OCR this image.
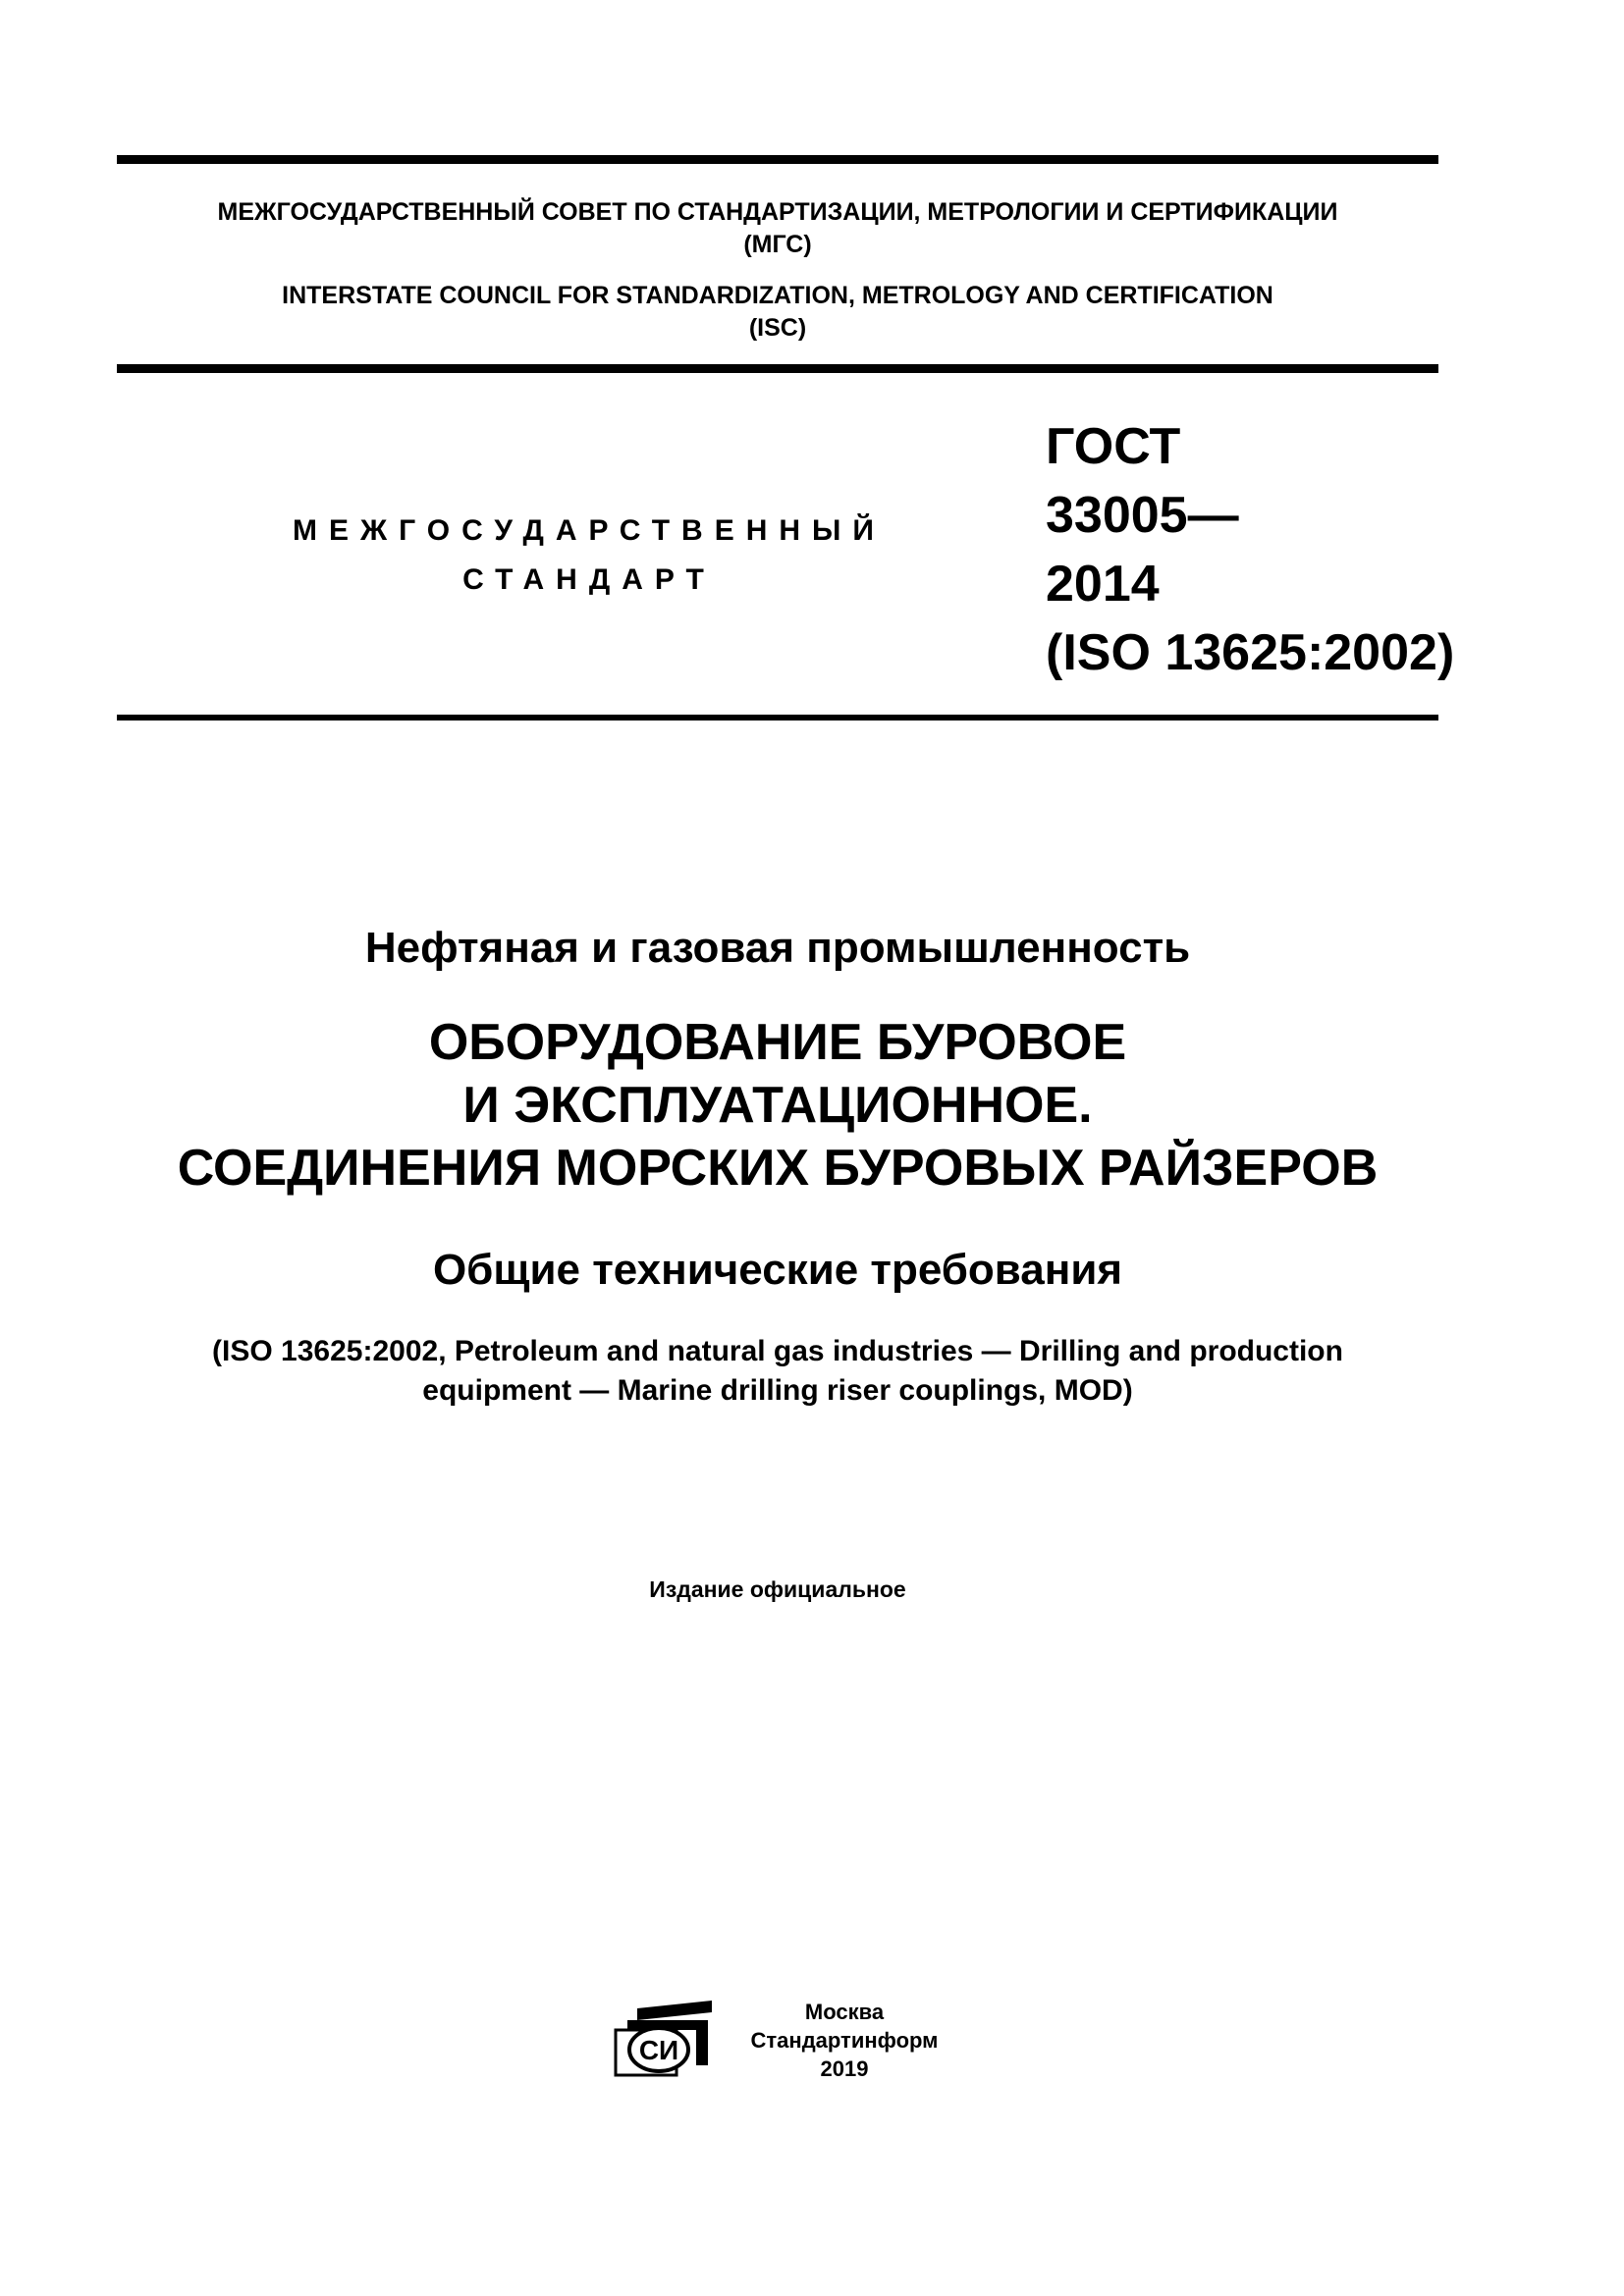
МЕЖГОСУДАРСТВЕННЫЙ СОВЕТ ПО СТАНДАРТИЗАЦИИ, МЕТРОЛОГИИ И СЕРТИФИКАЦИИ
(МГС)
INTERSTATE COUNCIL FOR STANDARDIZATION, METROLOGY AND CERTIFICATION
(ISC)
МЕЖГОСУДАРСТВЕННЫЙ
СТАНДАРТ
ГОСТ
33005—
2014
(ISO 13625:2002)
Нефтяная и газовая промышленность
ОБОРУДОВАНИЕ БУРОВОЕ
И ЭКСПЛУАТАЦИОННОЕ.
СОЕДИНЕНИЯ МОРСКИХ БУРОВЫХ РАЙЗЕРОВ
Общие технические требования
(ISO 13625:2002, Petroleum and natural gas industries — Drilling and production
equipment — Marine drilling riser couplings, MOD)
Издание официальное
СИ
Москва
Стандартинформ
2019
